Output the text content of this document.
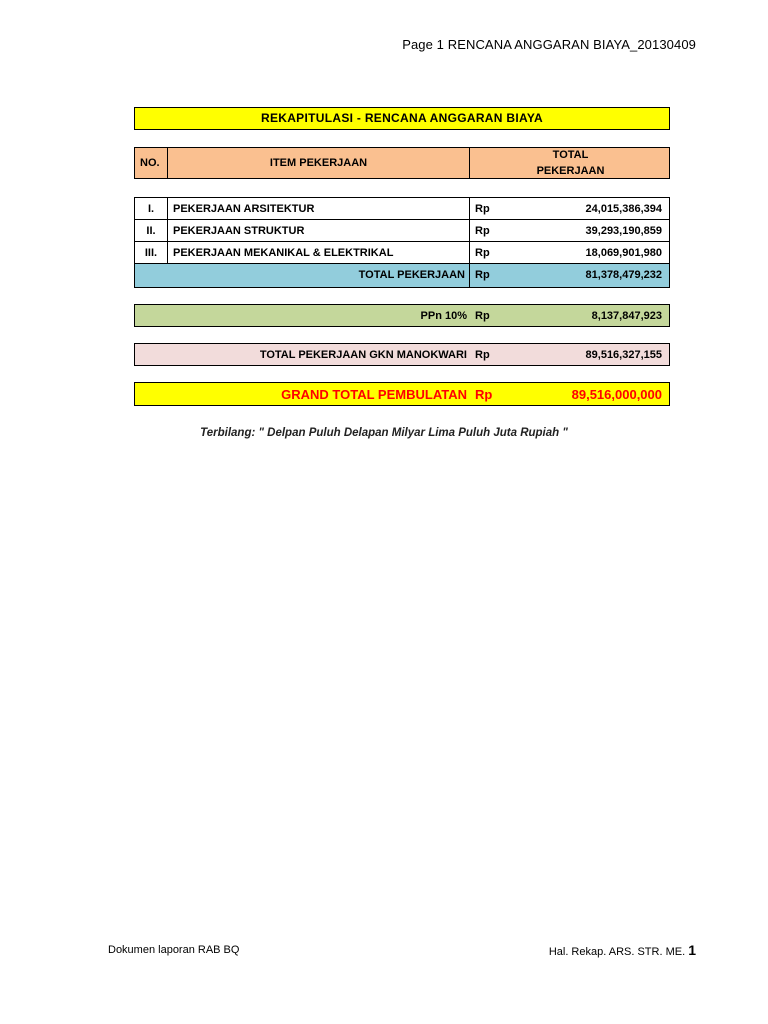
Page 1 RENCANA ANGGARAN BIAYA_20130409
REKAPITULASI - RENCANA ANGGARAN BIAYA
NO.	ITEM PEKERJAAN
TOTAL
PEKERJAAN
I.	PEKERJAAN ARSITEKTUR	Rp	24,015,386,394
II.	PEKERJAAN STRUKTUR	Rp	39,293,190,859
III.	PEKERJAAN MEKANIKAL & ELEKTRIKAL	Rp	18,069,901,980
TOTAL PEKERJAAN Rp	81,378,479,232
PPn 10% Rp	8,137,847,923
TOTAL PEKERJAAN GKN MANOKWARI Rp	89,516,327,155
GRAND TOTAL PEMBULATAN Rp	89,516,000,000
Terbilang: " Delpan Puluh Delapan Milyar Lima Puluh Juta Rupiah "
Dokumen laporan RAB BQ	Hal. Rekap. ARS. STR. ME. 1
